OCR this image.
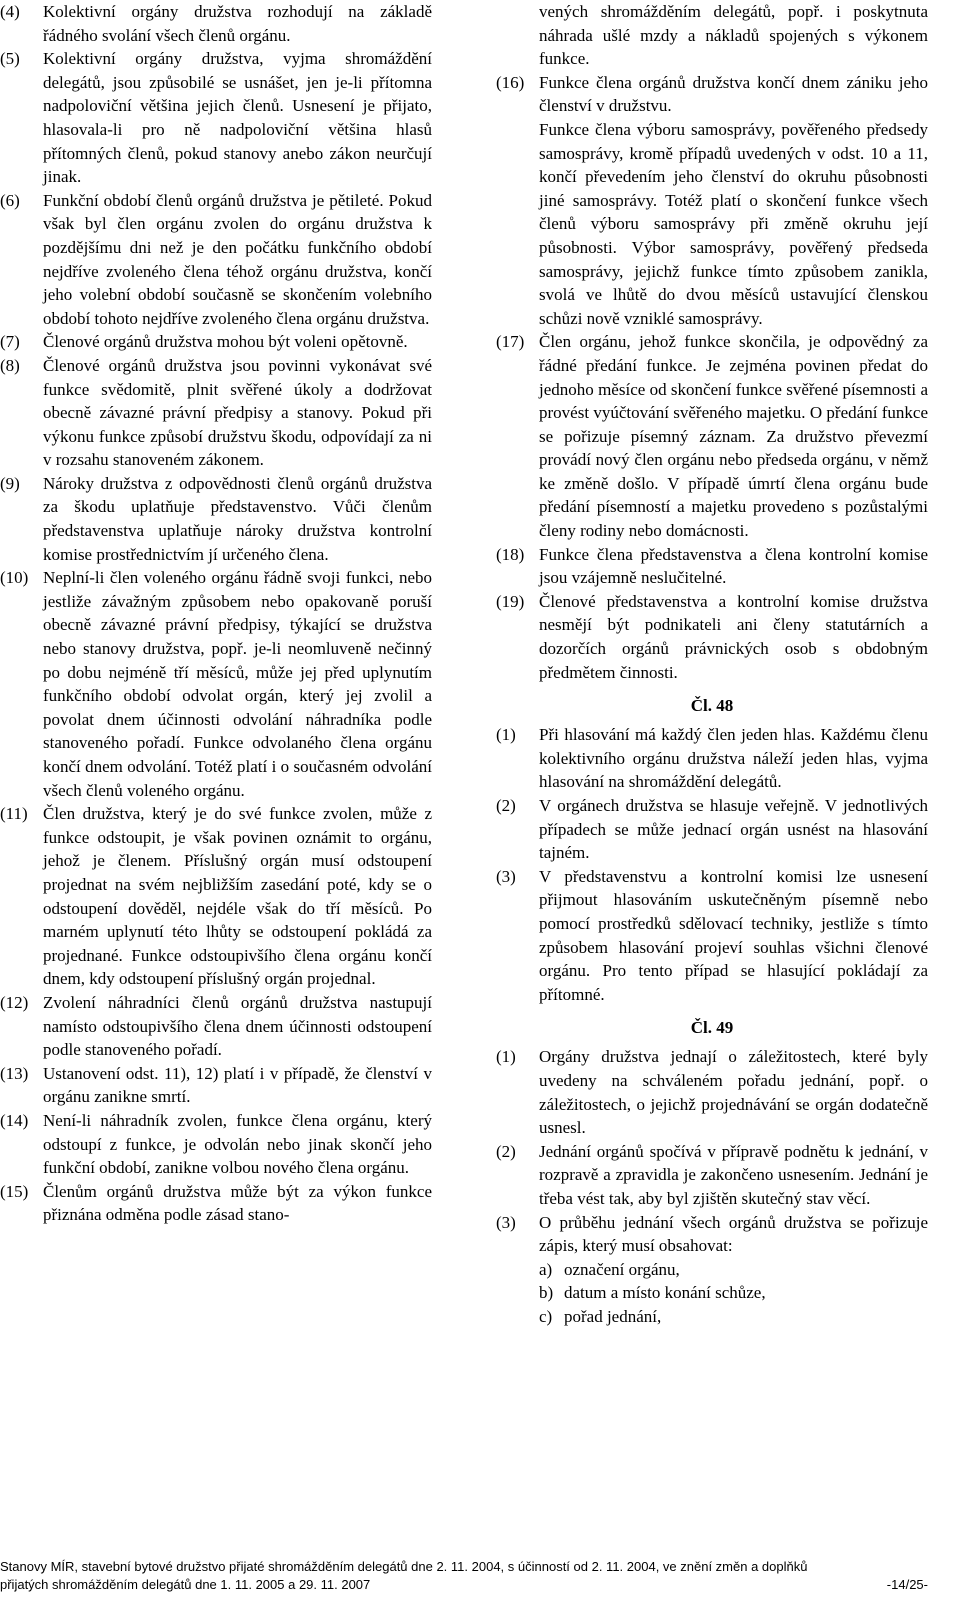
(4) Kolektivní orgány družstva rozhodují na základě řádného svolání všech členů orgánu.
(5) Kolektivní orgány družstva, vyjma shromáždění delegátů, jsou způsobilé se usnášet, jen je-li přítomna nadpoloviční většina jejich členů. Usnesení je přijato, hlasovala-li pro ně nadpoloviční většina hlasů přítomných členů, pokud stanovy anebo zákon neurčují jinak.
(6) Funkční období členů orgánů družstva je pětileté. Pokud však byl člen orgánu zvolen do orgánu družstva k pozdějšímu dni než je den počátku funkčního období nejdříve zvoleného člena téhož orgánu družstva, končí jeho volební období současně se skončením volebního období tohoto nejdříve zvoleného člena orgánu družstva.
(7) Členové orgánů družstva mohou být voleni opětovně.
(8) Členové orgánů družstva jsou povinni vykonávat své funkce svědomitě, plnit svěřené úkoly a dodržovat obecně závazné právní předpisy a stanovy. Pokud při výkonu funkce způsobí družstvu škodu, odpovídají za ni v rozsahu stanoveném zákonem.
(9) Nároky družstva z odpovědnosti členů orgánů družstva za škodu uplatňuje představenstvo. Vůči členům představenstva uplatňuje nároky družstva kontrolní komise prostřednictvím jí určeného člena.
(10) Neplní-li člen voleného orgánu řádně svoji funkci, nebo jestliže závažným způsobem nebo opakovaně poruší obecně závazné právní předpisy, týkající se družstva nebo stanovy družstva, popř. je-li neomluveně nečinný po dobu nejméně tří měsíců, může jej před uplynutím funkčního období odvolat orgán, který jej zvolil a povolat dnem účinnosti odvolání náhradníka podle stanoveného pořadí. Funkce odvolaného člena orgánu končí dnem odvolání. Totéž platí i o současném odvolání všech členů voleného orgánu.
(11) Člen družstva, který je do své funkce zvolen, může z funkce odstoupit, je však povinen oznámit to orgánu, jehož je členem. Příslušný orgán musí odstoupení projednat na svém nejbližším zasedání poté, kdy se o odstoupení dověděl, nejdéle však do tří měsíců. Po marném uplynutí této lhůty se odstoupení pokládá za projednané. Funkce odstoupivšího člena orgánu končí dnem, kdy odstoupení příslušný orgán projednal.
(12) Zvolení náhradníci členů orgánů družstva nastupují namísto odstoupivšího člena dnem účinnosti odstoupení podle stanoveného pořadí.
(13) Ustanovení odst. 11), 12) platí i v případě, že členství v orgánu zanikne smrtí.
(14) Není-li náhradník zvolen, funkce člena orgánu, který odstoupí z funkce, je odvolán nebo jinak skončí jeho funkční období, zanikne volbou nového člena orgánu.
(15) Členům orgánů družstva může být za výkon funkce přiznána odměna podle zásad stano-
vených shromážděním delegátů, popř. i poskytnuta náhrada ušlé mzdy a nákladů spojených s výkonem funkce.
(16) Funkce člena orgánů družstva končí dnem zániku jeho členství v družstvu.
Funkce člena výboru samosprávy, pověřeného předsedy samosprávy, kromě případů uvedených v odst. 10 a 11, končí převedením jeho členství do okruhu působnosti jiné samosprávy. Totéž platí o skončení funkce všech členů výboru samosprávy při změně okruhu její působnosti. Výbor samosprávy, pověřený předseda samosprávy, jejichž funkce tímto způsobem zanikla, svolá ve lhůtě do dvou měsíců ustavující členskou schůzi nově vzniklé samosprávy.
(17) Člen orgánu, jehož funkce skončila, je odpovědný za řádné předání funkce. Je zejména povinen předat do jednoho měsíce od skončení funkce svěřené písemnosti a provést vyúčtování svěřeného majetku. O předání funkce se pořizuje písemný záznam. Za družstvo převezmí provádí nový člen orgánu nebo předseda orgánu, v němž ke změně došlo. V případě úmrtí člena orgánu bude předání písemností a majetku provedeno s pozůstalými členy rodiny nebo domácnosti.
(18) Funkce člena představenstva a člena kontrolní komise jsou vzájemně neslučitelné.
(19) Členové představenstva a kontrolní komise družstva nesmějí být podnikateli ani členy statutárních a dozorčích orgánů právnických osob s obdobným předmětem činnosti.
Čl. 48
(1) Při hlasování má každý člen jeden hlas. Každému členu kolektivního orgánu družstva náleží jeden hlas, vyjma hlasování na shromáždění delegátů.
(2) V orgánech družstva se hlasuje veřejně. V jednotlivých případech se může jednací orgán usnést na hlasování tajném.
(3) V představenstvu a kontrolní komisi lze usnesení přijmout hlasováním uskutečněným písemně nebo pomocí prostředků sdělovací techniky, jestliže s tímto způsobem hlasování projeví souhlas všichni členové orgánu. Pro tento případ se hlasující pokládají za přítomné.
Čl. 49
(1) Orgány družstva jednají o záležitostech, které byly uvedeny na schváleném pořadu jednání, popř. o záležitostech, o jejichž projednávání se orgán dodatečně usnesl.
(2) Jednání orgánů spočívá v přípravě podnětu k jednání, v rozpravě a zpravidla je zakončeno usnesením. Jednání je třeba vést tak, aby byl zjištěn skutečný stav věcí.
(3) O průběhu jednání všech orgánů družstva se pořizuje zápis, který musí obsahovat:
a) označení orgánu,
b) datum a místo konání schůze,
c) pořad jednání,
Stanovy MÍR, stavební bytové družstvo přijaté shromážděním delegátů dne 2. 11. 2004, s účinností od 2. 11. 2004, ve znění změn a doplňků
přijatých shromážděním delegátů dne 1. 11. 2005 a 29. 11. 2007	-14/25-
